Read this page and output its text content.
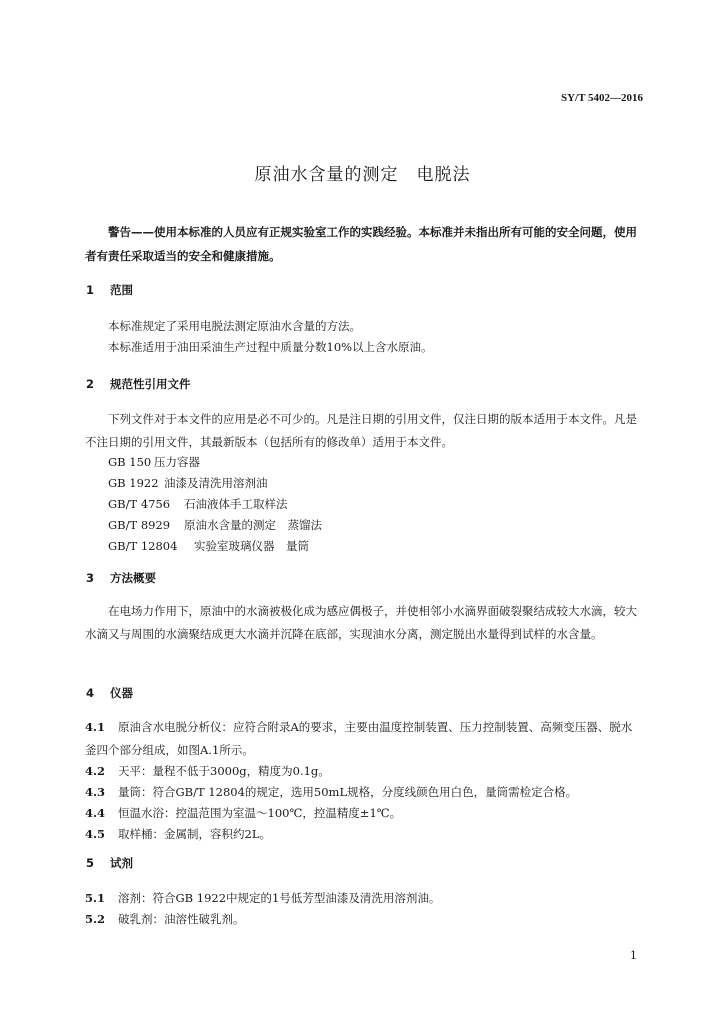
SY/T 5402—2016
原油水含量的测定　电脱法
警告——使用本标准的人员应有正规实验室工作的实践经验。本标准并未指出所有可能的安全问题，使用者有责任采取适当的安全和健康措施。
1 范围
本标准规定了采用电脱法测定原油水含量的方法。
本标准适用于油田采油生产过程中质量分数10%以上含水原油。
2 规范性引用文件
下列文件对于本文件的应用是必不可少的。凡是注日期的引用文件，仅注日期的版本适用于本文件。凡是不注日期的引用文件，其最新版本（包括所有的修改单）适用于本文件。
GB 150 压力容器
GB 1922 油漆及清洗用溶剂油
GB/T 4756 石油液体手工取样法
GB/T 8929 原油水含量的测定　蒸馏法
GB/T 12804 实验室玻璃仪器　量筒
3 方法概要
在电场力作用下，原油中的水滴被极化成为感应偶极子，并使相邻小水滴界面破裂聚结成较大水滴，较大水滴又与周围的水滴聚结成更大水滴并沉降在底部，实现油水分离，测定脱出水量得到试样的水含量。
4 仪器
4.1 原油含水电脱分析仪：应符合附录A的要求，主要由温度控制装置、压力控制装置、高频变压器、脱水釜四个部分组成，如图A.1所示。
4.2 天平：量程不低于3000g，精度为0.1g。
4.3 量筒：符合GB/T 12804的规定，选用50mL规格，分度线颜色用白色，量筒需检定合格。
4.4 恒温水浴：控温范围为室温～100℃，控温精度±1℃。
4.5 取样桶：金属制，容积约2L。
5 试剂
5.1 溶剂：符合GB 1922中规定的1号低芳型油漆及清洗用溶剂油。
5.2 破乳剂：油溶性破乳剂。
1
